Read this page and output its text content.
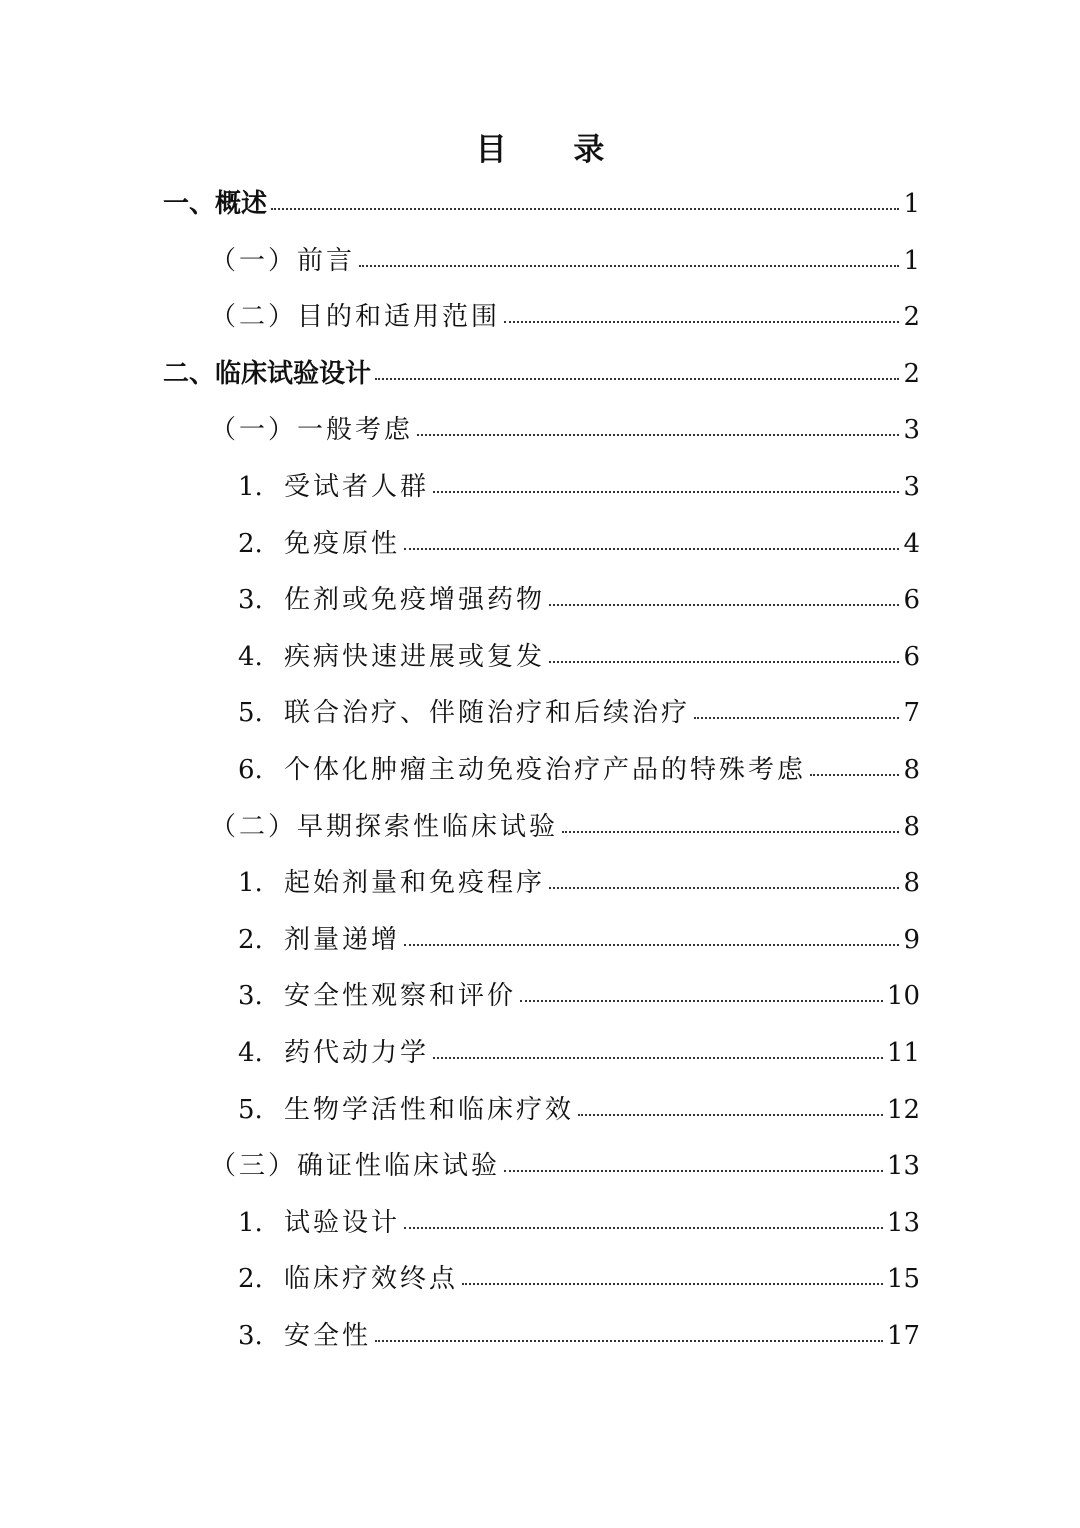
目 录
一、概述	1
（一）前言	1
（二）目的和适用范围	2
二、临床试验设计	2
（一）一般考虑	3
1. 受试者人群	3
2. 免疫原性	4
3. 佐剂或免疫增强药物	6
4. 疾病快速进展或复发	6
5. 联合治疗、伴随治疗和后续治疗	7
6. 个体化肿瘤主动免疫治疗产品的特殊考虑	8
（二）早期探索性临床试验	8
1. 起始剂量和免疫程序	8
2. 剂量递增	9
3. 安全性观察和评价	10
4. 药代动力学	11
5. 生物学活性和临床疗效	12
（三）确证性临床试验	13
1. 试验设计	13
2. 临床疗效终点	15
3. 安全性	17
